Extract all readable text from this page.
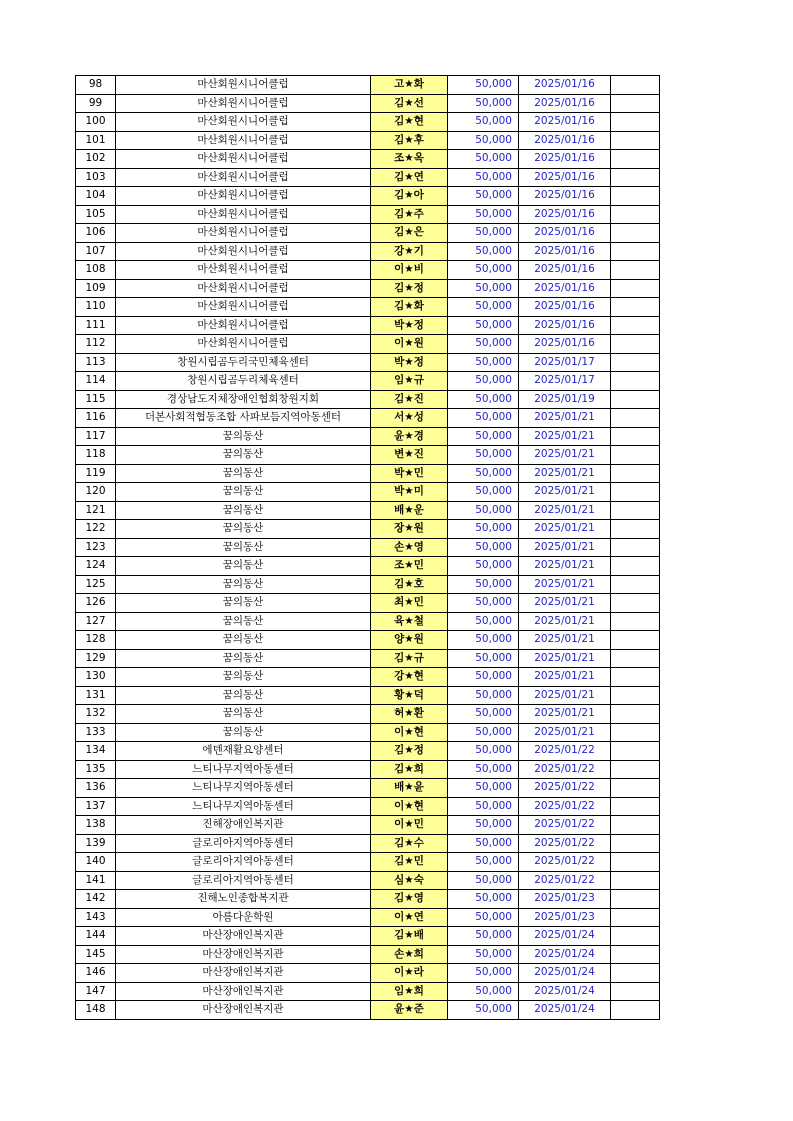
98	마산회원시니어클럽	고★화	50,000	2025/01/16	
99	마산회원시니어클럽	김★선	50,000	2025/01/16	
100	마산회원시니어클럽	김★현	50,000	2025/01/16	
101	마산회원시니어클럽	김★후	50,000	2025/01/16	
102	마산회원시니어클럽	조★옥	50,000	2025/01/16	
103	마산회원시니어클럽	김★연	50,000	2025/01/16	
104	마산회원시니어클럽	김★아	50,000	2025/01/16	
105	마산회원시니어클럽	김★주	50,000	2025/01/16	
106	마산회원시니어클럽	김★은	50,000	2025/01/16	
107	마산회원시니어클럽	강★기	50,000	2025/01/16	
108	마산회원시니어클럽	이★비	50,000	2025/01/16	
109	마산회원시니어클럽	김★정	50,000	2025/01/16	
110	마산회원시니어클럽	김★화	50,000	2025/01/16	
111	마산회원시니어클럽	박★정	50,000	2025/01/16	
112	마산회원시니어클럽	이★원	50,000	2025/01/16	
113	창원시립곰두리국민체육센터	박★정	50,000	2025/01/17	
114	창원시립곰두리체육센터	임★규	50,000	2025/01/17	
115	경상남도지체장애인협회창원지회	김★진	50,000	2025/01/19	
116	더본사회적협동조합 사파보듬지역아동센터	서★성	50,000	2025/01/21	
117	꿈의동산	윤★경	50,000	2025/01/21	
118	꿈의동산	변★진	50,000	2025/01/21	
119	꿈의동산	박★민	50,000	2025/01/21	
120	꿈의동산	박★미	50,000	2025/01/21	
121	꿈의동산	배★운	50,000	2025/01/21	
122	꿈의동산	장★원	50,000	2025/01/21	
123	꿈의동산	손★영	50,000	2025/01/21	
124	꿈의동산	조★민	50,000	2025/01/21	
125	꿈의동산	김★호	50,000	2025/01/21	
126	꿈의동산	최★민	50,000	2025/01/21	
127	꿈의동산	육★철	50,000	2025/01/21	
128	꿈의동산	양★원	50,000	2025/01/21	
129	꿈의동산	김★규	50,000	2025/01/21	
130	꿈의동산	강★현	50,000	2025/01/21	
131	꿈의동산	황★덕	50,000	2025/01/21	
132	꿈의동산	허★환	50,000	2025/01/21	
133	꿈의동산	이★현	50,000	2025/01/21	
134	에덴재활요양센터	김★정	50,000	2025/01/22	
135	느티나무지역아동센터	김★희	50,000	2025/01/22	
136	느티나무지역아동센터	배★윤	50,000	2025/01/22	
137	느티나무지역아동센터	이★현	50,000	2025/01/22	
138	진해장애인복지관	이★민	50,000	2025/01/22	
139	글로리아지역아동센터	김★수	50,000	2025/01/22	
140	글로리아지역아동센터	김★민	50,000	2025/01/22	
141	글로리아지역아동센터	심★숙	50,000	2025/01/22	
142	진해노인종합복지관	김★영	50,000	2025/01/23	
143	아름다운학원	이★연	50,000	2025/01/23	
144	마산장애인복지관	김★배	50,000	2025/01/24	
145	마산장애인복지관	손★희	50,000	2025/01/24	
146	마산장애인복지관	이★라	50,000	2025/01/24	
147	마산장애인복지관	임★희	50,000	2025/01/24	
148	마산장애인복지관	윤★준	50,000	2025/01/24	
